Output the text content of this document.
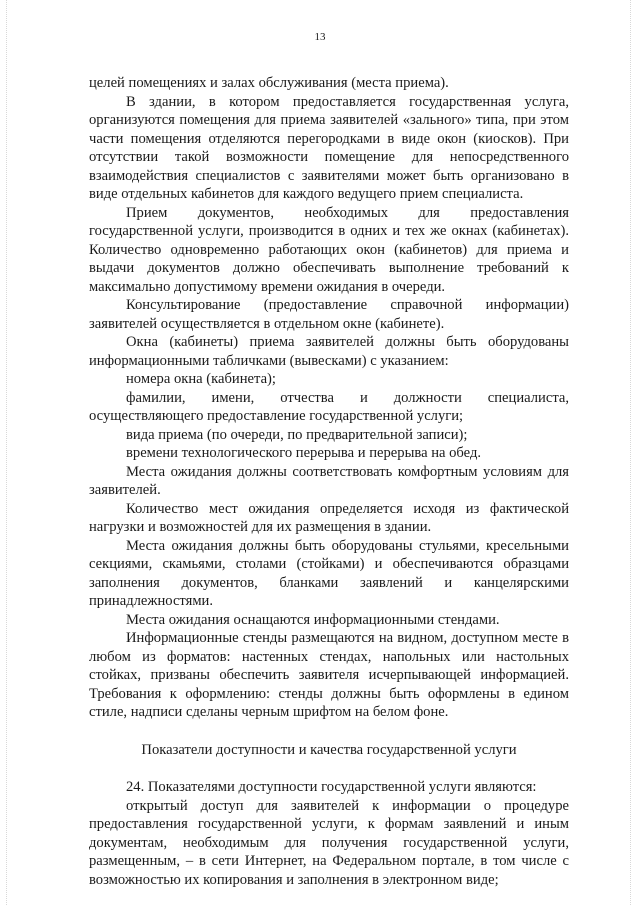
13

целей помещениях и залах обслуживания (места приема).

В здании, в котором предоставляется государственная услуга, организуются помещения для приема заявителей «зального» типа, при этом части помещения отделяются перегородками в виде окон (киосков). При отсутствии такой возможности помещение для непосредственного взаимодействия специалистов с заявителями может быть организовано в виде отдельных кабинетов для каждого ведущего прием специалиста.

Прием документов, необходимых для предоставления государственной услуги, производится в одних и тех же окнах (кабинетах). Количество одновременно работающих окон (кабинетов) для приема и выдачи документов должно обеспечивать выполнение требований к максимально допустимому времени ожидания в очереди.

Консультирование (предоставление справочной информации) заявителей осуществляется в отдельном окне (кабинете).

Окна (кабинеты) приема заявителей должны быть оборудованы информационными табличками (вывесками) с указанием:

номера окна (кабинета);

фамилии, имени, отчества и должности специалиста, осуществляющего предоставление государственной услуги;

вида приема (по очереди, по предварительной записи);

времени технологического перерыва и перерыва на обед.

Места ожидания должны соответствовать комфортным условиям для заявителей.

Количество мест ожидания определяется исходя из фактической нагрузки и возможностей для их размещения в здании.

Места ожидания должны быть оборудованы стульями, кресельными секциями, скамьями, столами (стойками) и обеспечиваются образцами заполнения документов, бланками заявлений и канцелярскими принадлежностями.

Места ожидания оснащаются информационными стендами.

Информационные стенды размещаются на видном, доступном месте в любом из форматов: настенных стендах, напольных или настольных стойках, призваны обеспечить заявителя исчерпывающей информацией. Требования к оформлению: стенды должны быть оформлены в едином стиле, надписи сделаны черным шрифтом на белом фоне.

Показатели доступности и качества государственной услуги

24. Показателями доступности государственной услуги являются:

открытый доступ для заявителей к информации о процедуре предоставления государственной услуги, к формам заявлений и иным документам, необходимым для получения государственной услуги, размещенным, – в сети Интернет, на Федеральном портале, в том числе с возможностью их копирования и заполнения в электронном виде;
